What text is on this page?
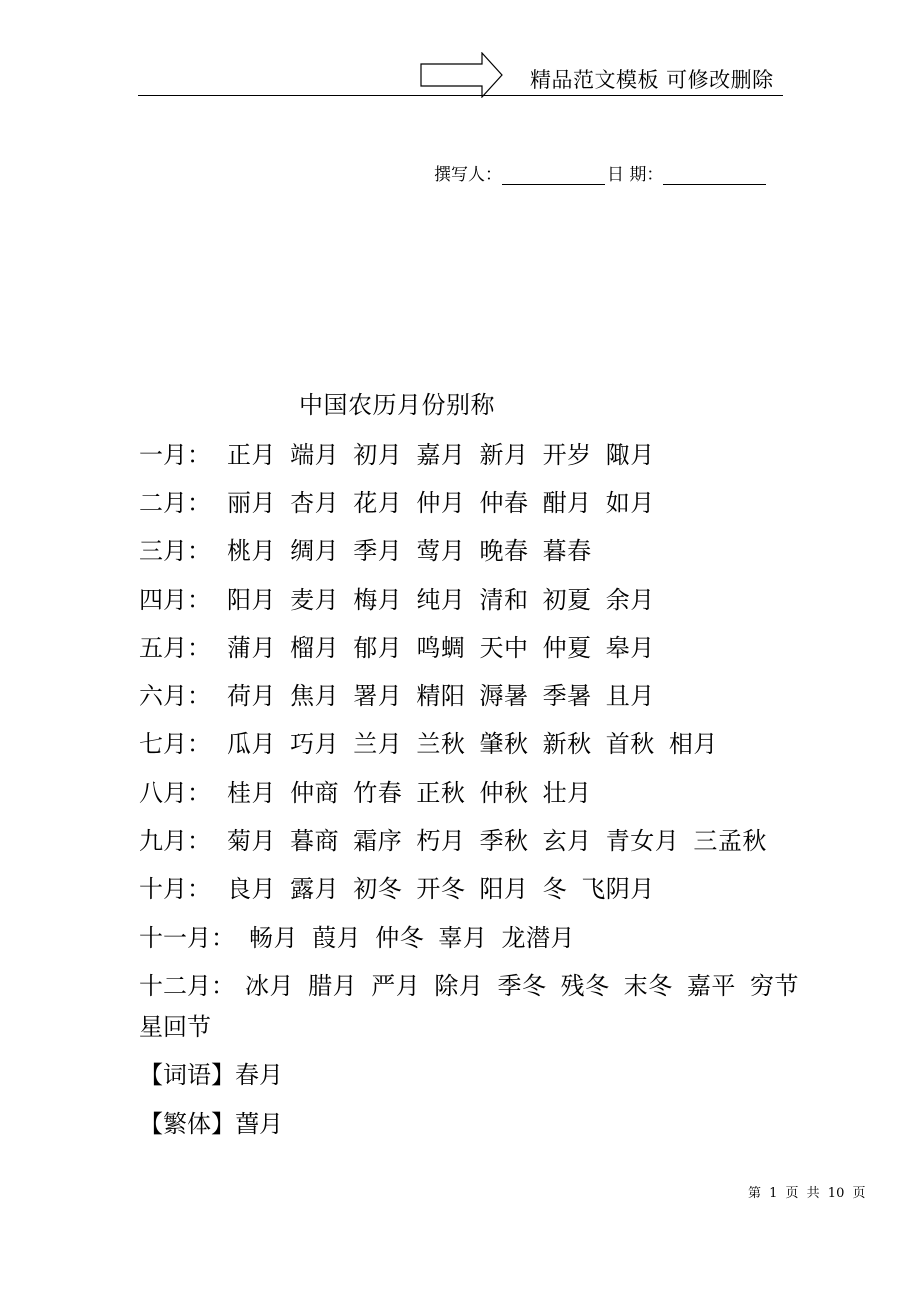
精品范文模板 可修改删除
撰写人：	日 期：
中国农历月份别称
一月： 正月 端月 初月 嘉月 新月 开岁 陬月
二月： 丽月 杏月 花月 仲月 仲春 酣月 如月
三月： 桃月 绸月 季月 莺月 晚春 暮春
四月： 阳月 麦月 梅月 纯月 清和 初夏 余月
五月： 蒲月 榴月 郁月 鸣蜩 天中 仲夏 皋月
六月： 荷月 焦月 署月 精阳 溽暑 季暑 且月
七月： 瓜月 巧月 兰月 兰秋 肇秋 新秋 首秋 相月
八月： 桂月 仲商 竹春 正秋 仲秋 壮月
九月： 菊月 暮商 霜序 朽月 季秋 玄月 青女月 三孟秋
十月： 良月 露月 初冬 开冬 阳月 冬 飞阴月
十一月： 畅月 葭月 仲冬 辜月 龙潜月
十二月： 冰月 腊月 严月 除月 季冬 残冬 末冬 嘉平 穷节
星回节
【词语】春月
【繁体】萅月
第 1 页 共 10 页
